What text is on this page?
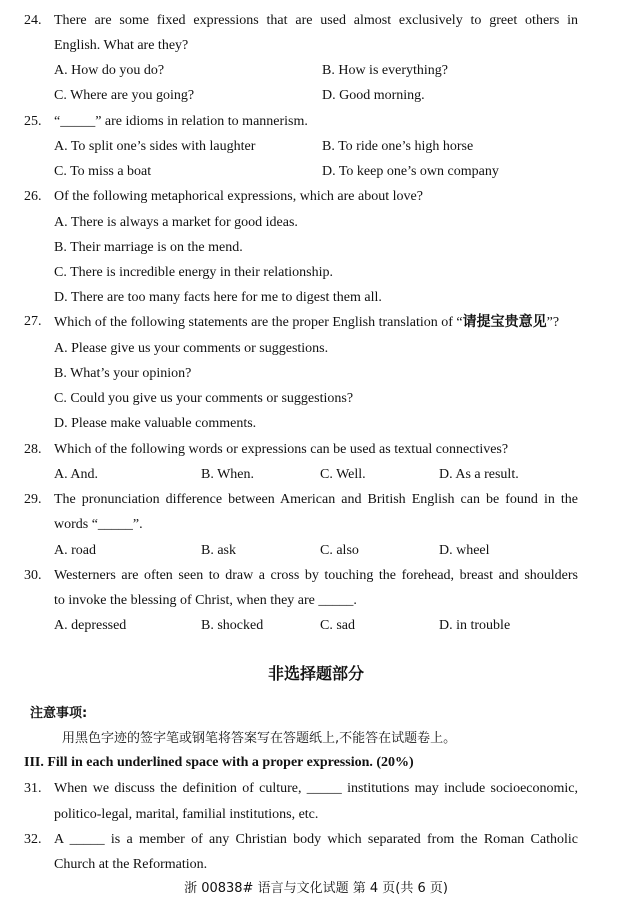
24. There are some fixed expressions that are used almost exclusively to greet others in
English. What are they?
A. How do you do?	B. How is everything?
C. Where are you going?	D. Good morning.
25. “_____” are idioms in relation to mannerism.
A. To split one’s sides with laughter	B. To ride one’s high horse
C. To miss a boat	D. To keep one’s own company
26. Of the following metaphorical expressions, which are about love?
A. There is always a market for good ideas.
B. Their marriage is on the mend.
C. There is incredible energy in their relationship.
D. There are too many facts here for me to digest them all.
27. Which of the following statements are the proper English translation of “请提宝贵意见”?
A. Please give us your comments or suggestions.
B. What’s your opinion?
C. Could you give us your comments or suggestions?
D. Please make valuable comments.
28. Which of the following words or expressions can be used as textual connectives?
A. And.	B. When.	C. Well.	D. As a result.
29. The pronunciation difference between American and British English can be found in the
words “_____”.
A. road	B. ask	C. also	D. wheel
30. Westerners are often seen to draw a cross by touching the forehead, breast and shoulders
to invoke the blessing of Christ, when they are _____.
A. depressed	B. shocked	C. sad	D. in trouble
非选择题部分
注意事项:
用黑色字迹的签字笔或钢笔将答案写在答题纸上,不能答在试题卷上。
III. Fill in each underlined space with a proper expression. (20%)
31. When we discuss the definition of culture, _____ institutions may include socioeconomic,
politico-legal, marital, familial institutions, etc.
32. A _____ is a member of any Christian body which separated from the Roman Catholic
Church at the Reformation.
浙 00838# 语言与文化试题 第 4 页(共 6 页)
